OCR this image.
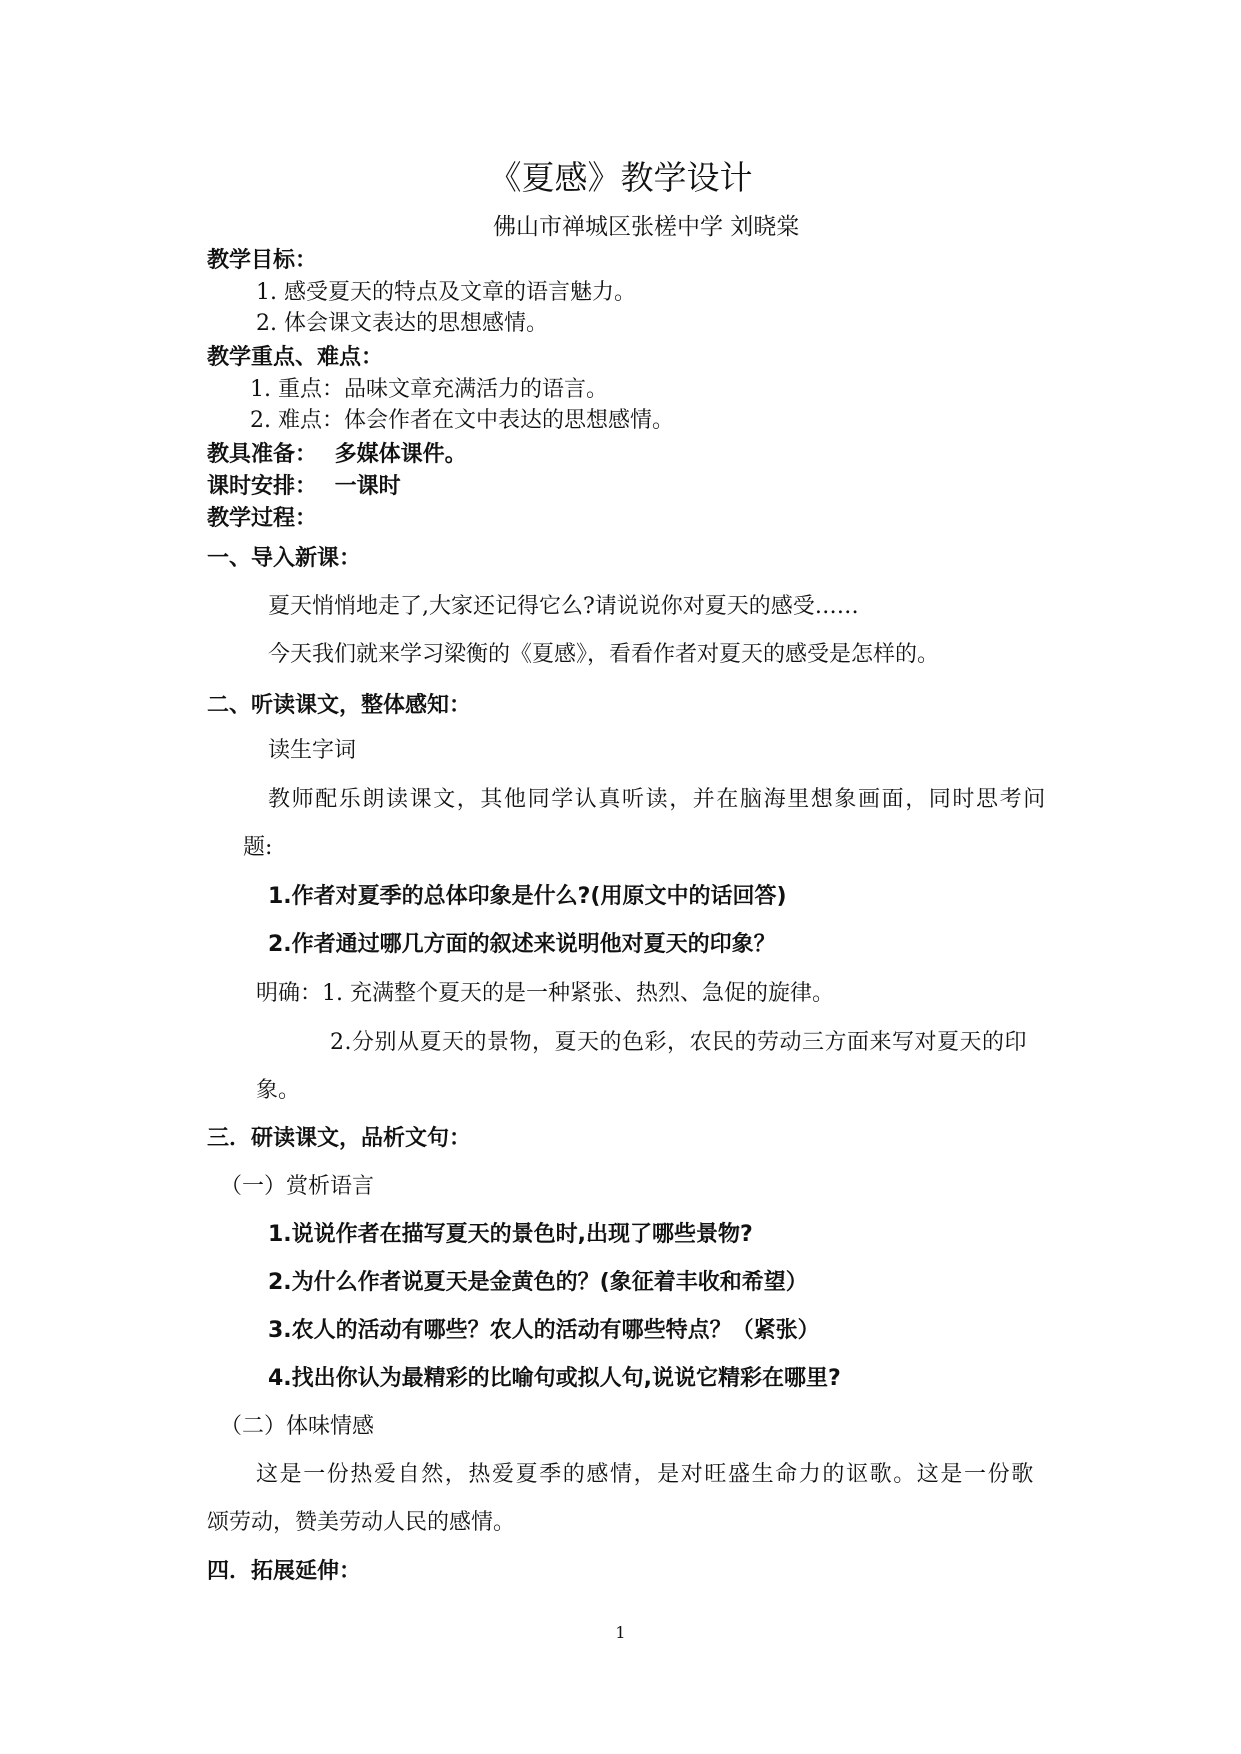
《夏感》教学设计
佛山市禅城区张槎中学 刘晓棠
教学目标：
1. 感受夏天的特点及文章的语言魅力。
2. 体会课文表达的思想感情。
教学重点、难点：
1. 重点：品味文章充满活力的语言。
2. 难点：体会作者在文中表达的思想感情。
教具准备： 多媒体课件。
课时安排： 一课时
教学过程：
一、导入新课：
夏天悄悄地走了,大家还记得它么?请说说你对夏天的感受……
今天我们就来学习梁衡的《夏感》，看看作者对夏天的感受是怎样的。
二、听读课文，整体感知：
读生字词
教师配乐朗读课文，其他同学认真听读，并在脑海里想象画面，同时思考问
题:
1.作者对夏季的总体印象是什么?(用原文中的话回答)
2.作者通过哪几方面的叙述来说明他对夏天的印象？
明确：1. 充满整个夏天的是一种紧张、热烈、急促的旋律。
2.分别从夏天的景物，夏天的色彩，农民的劳动三方面来写对夏天的印
象。
三．研读课文，品析文句：
（一）赏析语言
1.说说作者在描写夏天的景色时,出现了哪些景物?
2.为什么作者说夏天是金黄色的？(象征着丰收和希望）
3.农人的活动有哪些？农人的活动有哪些特点？（紧张）
4.找出你认为最精彩的比喻句或拟人句,说说它精彩在哪里?
（二）体味情感
这是一份热爱自然，热爱夏季的感情，是对旺盛生命力的讴歌。这是一份歌
颂劳动，赞美劳动人民的感情。
四．拓展延伸：
1
